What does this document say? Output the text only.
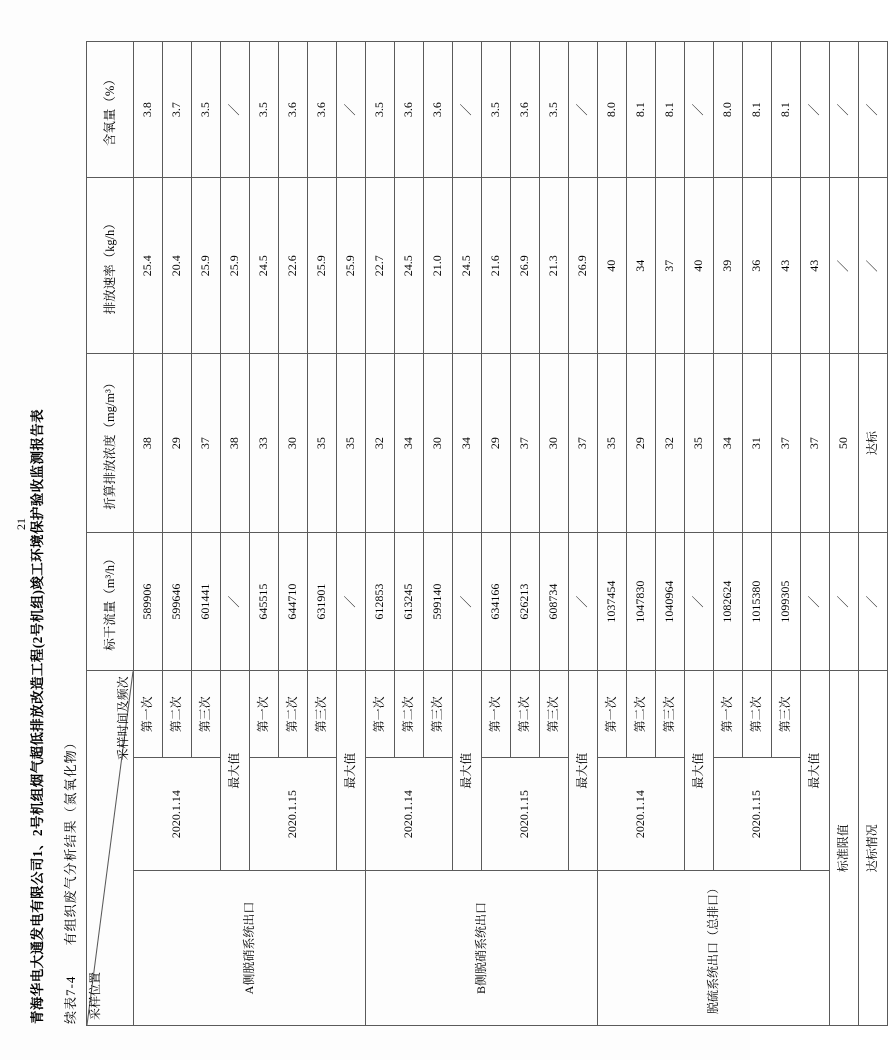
21 青海华电大通发电有限公司1、2号机组烟气超低排放改造工程(2号机组)竣工环境保护验收监测报告表 续表7-4 有组织废气分析结果（氮氧化物）
采样位置
采样时间及频次			标干流量（m³/h）	折算排放浓度（mg/m³）	排放速率（kg/h）	含氧量（%）
A侧脱硝系统出口	2020.1.14	第一次	589906	38	25.4	3.8
		第二次	599646	29	20.4	3.7
		第三次	601441	37	25.9	3.5
	最大值		／	38	25.9	／
	2020.1.15	第一次	645515	33	24.5	3.5
		第二次	644710	30	22.6	3.6
		第三次	631901	35	25.9	3.6
	最大值		／	35	25.9	／
B侧脱硝系统出口	2020.1.14	第一次	612853	32	22.7	3.5
		第二次	613245	34	24.5	3.6
		第三次	599140	30	21.0	3.6
	最大值		／	34	24.5	／
	2020.1.15	第一次	634166	29	21.6	3.5
		第二次	626213	37	26.9	3.6
		第三次	608734	30	21.3	3.5
	最大值		／	37	26.9	／
脱硫系统出口（总排口）	2020.1.14	第一次	1037454	35	40	8.0
		第二次	1047830	29	34	8.1
		第三次	1040964	32	37	8.1
	最大值		／	35	40	／
	2020.1.15	第一次	1082624	34	39	8.0
		第二次	1015380	31	36	8.1
		第三次	1099305	37	43	8.1
	最大值		／	37	43	／
标准限值			／	50	／	／
达标情况			／	达标	／	／
